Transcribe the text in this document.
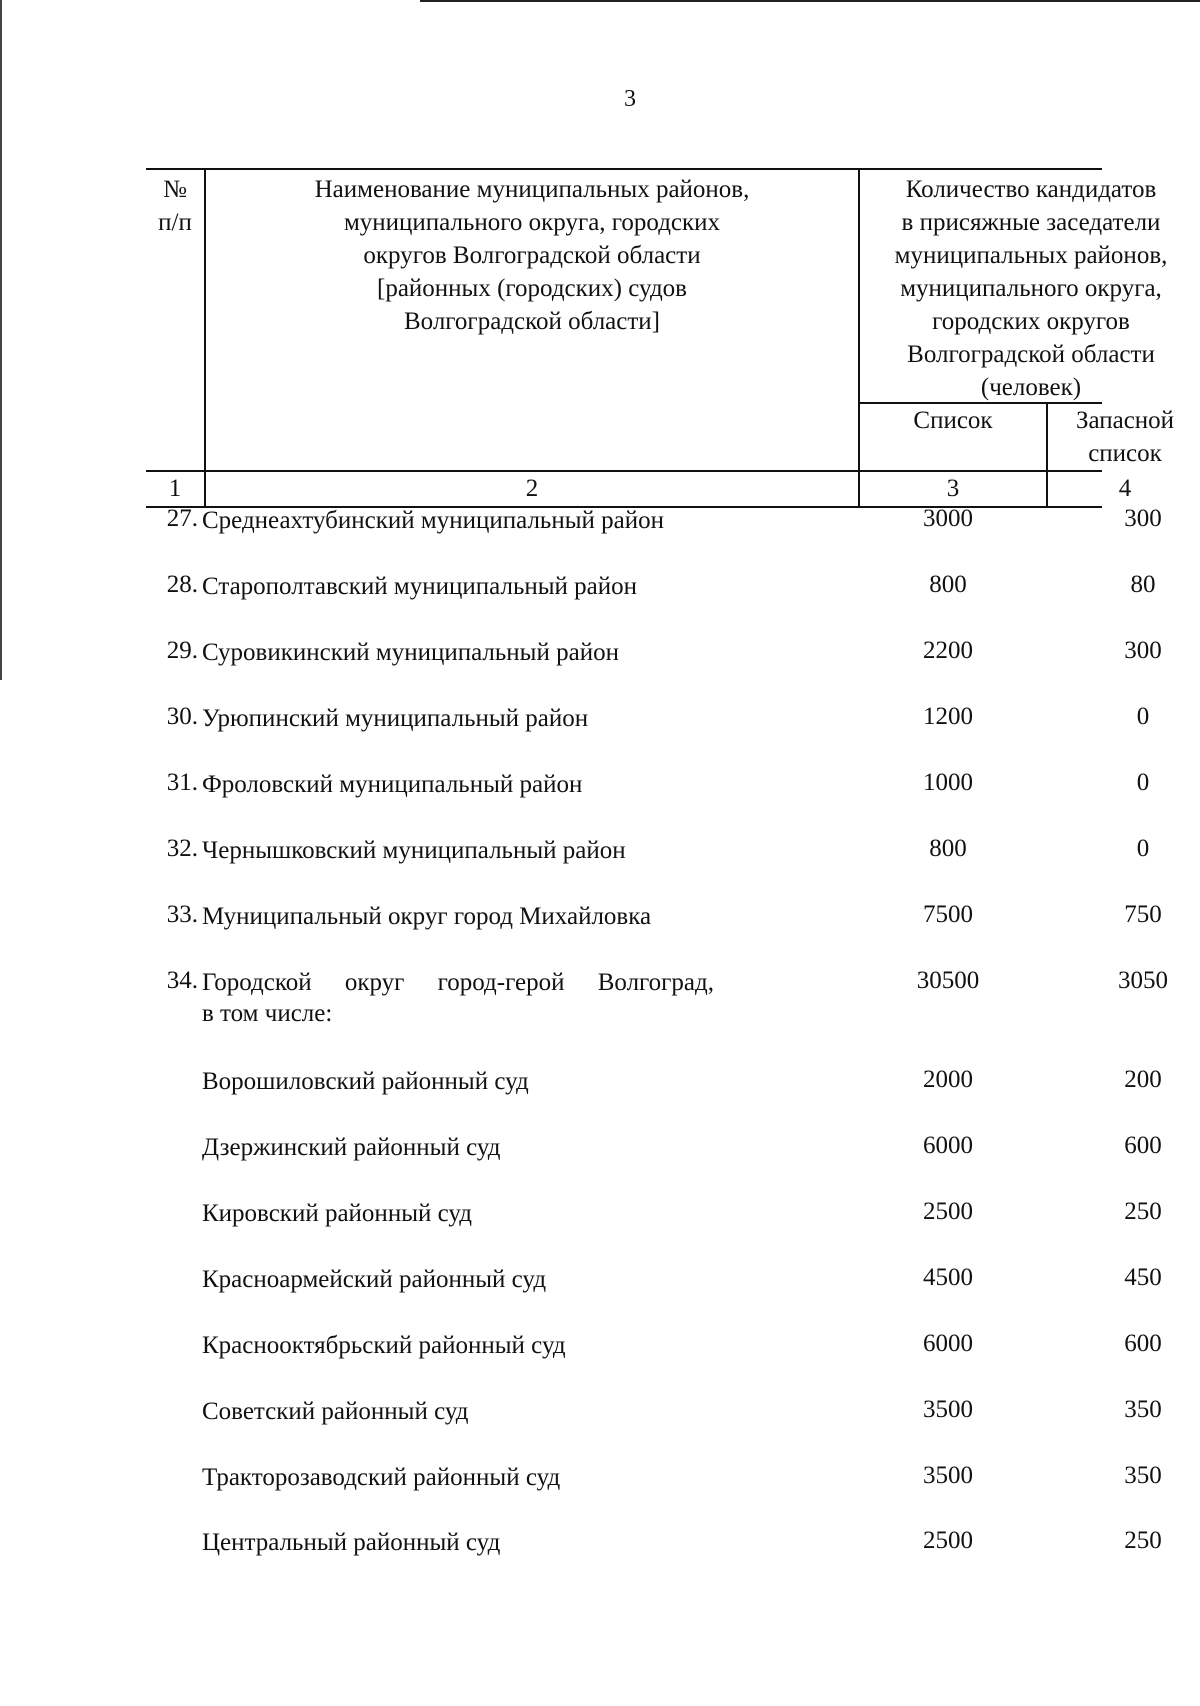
3
№
п/п
Наименование муниципальных районов,
муниципального округа, городских
округов Волгоградской области
[районных (городских) судов
Волгоградской области]
Количество кандидатов
в присяжные заседатели
муниципальных районов,
муниципального округа,
городских округов
Волгоградской области
(человек)
Список	Запасной
список
1	2	3	4
27. Среднеахтубинский муниципальный район	3000	300
28. Старополтавский муниципальный район	800	80
29. Суровикинский муниципальный район	2200	300
30. Урюпинский муниципальный район	1200	0
31. Фроловский муниципальный район	1000	0
32. Чернышковский муниципальный район	800	0
33. Муниципальный округ город Михайловка	7500	750
34. Городской округ город-герой Волгоград,
в том числе:
30500	3050
Ворошиловский районный суд	2000	200
Дзержинский районный суд	6000	600
Кировский районный суд	2500	250
Красноармейский районный суд	4500	450
Краснооктябрьский районный суд	6000	600
Советский районный суд	3500	350
Тракторозаводский районный суд	3500	350
Центральный районный суд	2500	250
